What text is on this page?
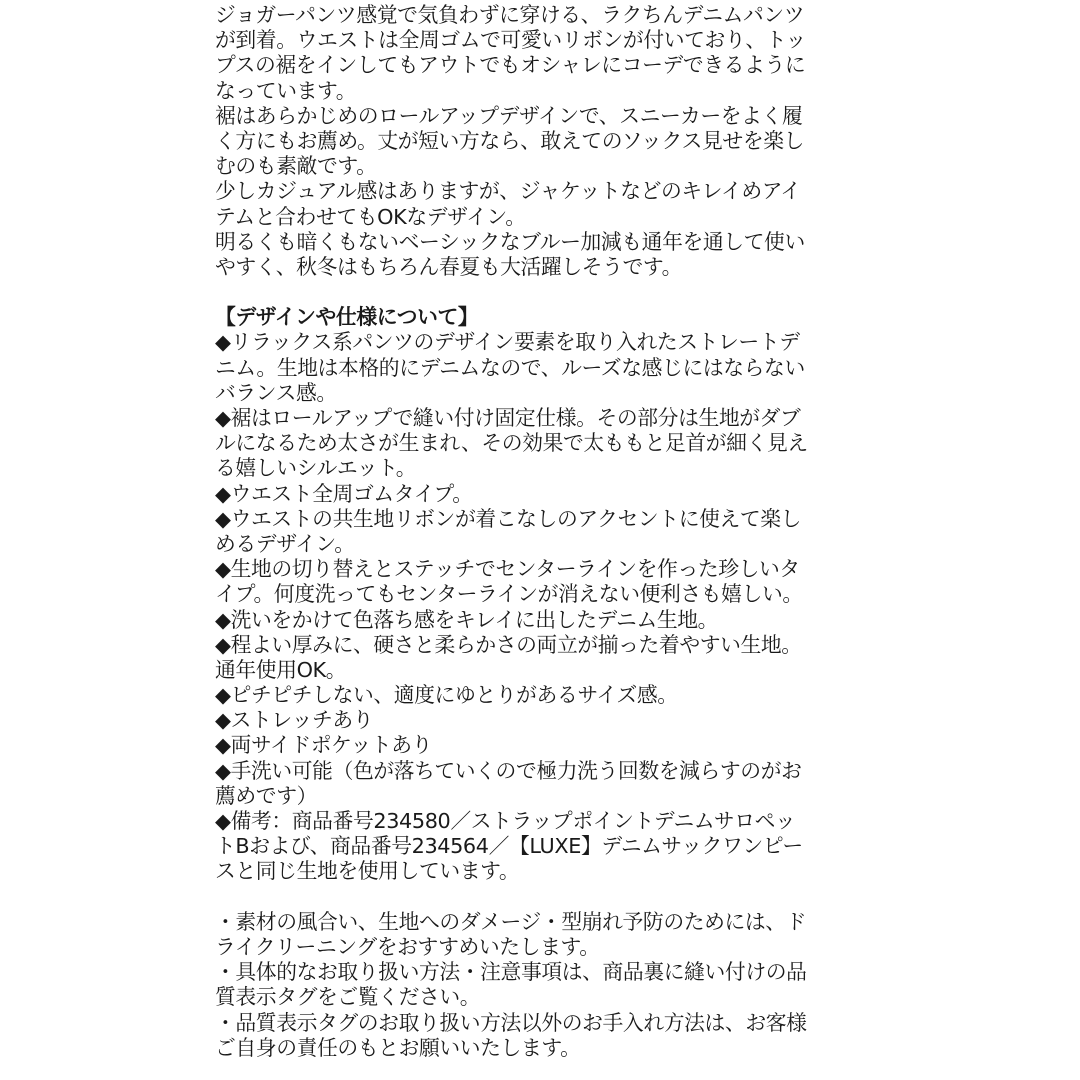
ジョガーパンツ感覚で気負わずに穿ける、ラクちんデニムパンツ
が到着。ウエストは全周ゴムで可愛いリボンが付いており、トッ
プスの裾をインしてもアウトでもオシャレにコーデできるように
なっています。
裾はあらかじめのロールアップデザインで、スニーカーをよく履
く方にもお薦め。丈が短い方なら、敢えてのソックス見せを楽し
むのも素敵です。
少しカジュアル感はありますが、ジャケットなどのキレイめアイ
テムと合わせてもOKなデザイン。
明るくも暗くもないベーシックなブルー加減も通年を通して使い
やすく、秋冬はもちろん春夏も大活躍しそうです。
【デザインや仕様について】
◆リラックス系パンツのデザイン要素を取り入れたストレートデ
ニム。生地は本格的にデニムなので、ルーズな感じにはならない
バランス感。
◆裾はロールアップで縫い付け固定仕様。その部分は生地がダブ
ルになるため太さが生まれ、その効果で太ももと足首が細く見え
る嬉しいシルエット。
◆ウエスト全周ゴムタイプ。
◆ウエストの共生地リボンが着こなしのアクセントに使えて楽し
めるデザイン。
◆生地の切り替えとステッチでセンターラインを作った珍しいタ
イプ。何度洗ってもセンターラインが消えない便利さも嬉しい。
◆洗いをかけて色落ち感をキレイに出したデニム生地。
◆程よい厚みに、硬さと柔らかさの両立が揃った着やすい生地。
通年使用OK。
◆ピチピチしない、適度にゆとりがあるサイズ感。
◆ストレッチあり
◆両サイドポケットあり
◆手洗い可能（色が落ちていくので極力洗う回数を減らすのがお
薦めです）
◆備考：商品番号234580／ストラップポイントデニムサロペッ
トBおよび、商品番号234564／【LUXE】デニムサックワンピー
スと同じ生地を使用しています。
・素材の風合い、生地へのダメージ・型崩れ予防のためには、ド
ライクリーニングをおすすめいたします。
・具体的なお取り扱い方法・注意事項は、商品裏に縫い付けの品
質表示タグをご覧ください。
・品質表示タグのお取り扱い方法以外のお手入れ方法は、お客様
ご自身の責任のもとお願いいたします。
